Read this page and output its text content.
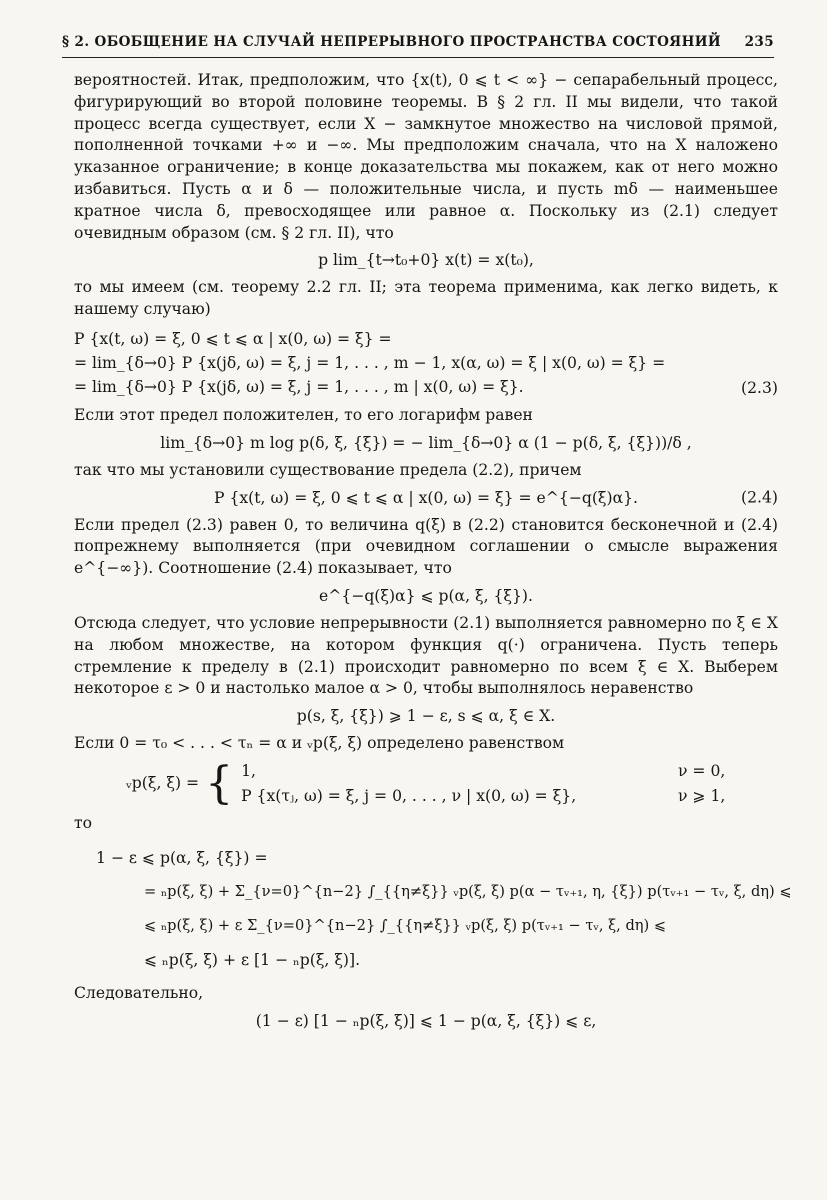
§ 2. ОБОБЩЕНИЕ НА СЛУЧАЙ НЕПРЕРЫВНОГО ПРОСТРАНСТВА СОСТОЯНИЙ 235

вероятностей. Итак, предположим, что {x(t), 0 ⩽ t < ∞} − сепарабельный процесс, фигурирующий во второй половине теоремы. В § 2 гл. II мы видели, что такой процесс всегда существует, если X − замкнутое множество на числовой прямой, пополненной точками +∞ и −∞. Мы предположим сначала, что на X наложено указанное ограничение; в конце доказательства мы покажем, как от него можно избавиться. Пусть α и δ — положительные числа, и пусть mδ — наименьшее кратное числа δ, превосходящее или равное α. Поскольку из (2.1) следует очевидным образом (см. § 2 гл. II), что

p lim_{t→t₀+0} x(t) = x(t₀),

то мы имеем (см. теорему 2.2 гл. II; эта теорема применима, как легко видеть, к нашему случаю)

P {x(t, ω) = ξ, 0 ⩽ t ⩽ α | x(0, ω) = ξ} =
= lim_{δ→0} P {x(jδ, ω) = ξ, j = 1, . . . , m − 1, x(α, ω) = ξ | x(0, ω) = ξ} =
= lim_{δ→0} P {x(jδ, ω) = ξ, j = 1, . . . , m | x(0, ω) = ξ}.	(2.3)

Если этот предел положителен, то его логарифм равен

lim_{δ→0} m log p(δ, ξ, {ξ}) = − lim_{δ→0} α (1 − p(δ, ξ, {ξ}))/δ ,

так что мы установили существование предела (2.2), причем

P {x(t, ω) = ξ, 0 ⩽ t ⩽ α | x(0, ω) = ξ} = e^{−q(ξ)α}.	(2.4)

Если предел (2.3) равен 0, то величина q(ξ) в (2.2) становится бесконечной и (2.4) попрежнему выполняется (при очевидном соглашении о смысле выражения e^{−∞}). Соотношение (2.4) показывает, что

e^{−q(ξ)α} ⩽ p(α, ξ, {ξ}).

Отсюда следует, что условие непрерывности (2.1) выполняется равномерно по ξ ∈ X на любом множестве, на котором функция q(·) ограничена. Пусть теперь стремление к пределу в (2.1) происходит равномерно по всем ξ ∈ X. Выберем некоторое ε > 0 и настолько малое α > 0, чтобы выполнялось неравенство

p(s, ξ, {ξ}) ⩾ 1 − ε, s ⩽ α, ξ ∈ X.

Если 0 = τ₀ < . . . < τₙ = α и ᵥp(ξ, ξ) определено равенством

ᵥp(ξ, ξ) = { 1,	ν = 0,
P {x(τⱼ, ω) = ξ, j = 0, . . . , ν | x(0, ω) = ξ},	ν ⩾ 1,

то

1 − ε ⩽ p(α, ξ, {ξ}) =
= ₙp(ξ, ξ) + Σ_{ν=0}^{n−2} ∫_{{η≠ξ}} ᵥp(ξ, ξ) p(α − τᵥ₊₁, η, {ξ}) p(τᵥ₊₁ − τᵥ, ξ, dη) ⩽
⩽ ₙp(ξ, ξ) + ε Σ_{ν=0}^{n−2} ∫_{{η≠ξ}} ᵥp(ξ, ξ) p(τᵥ₊₁ − τᵥ, ξ, dη) ⩽
⩽ ₙp(ξ, ξ) + ε [1 − ₙp(ξ, ξ)].

Следовательно,

(1 − ε) [1 − ₙp(ξ, ξ)] ⩽ 1 − p(α, ξ, {ξ}) ⩽ ε,
